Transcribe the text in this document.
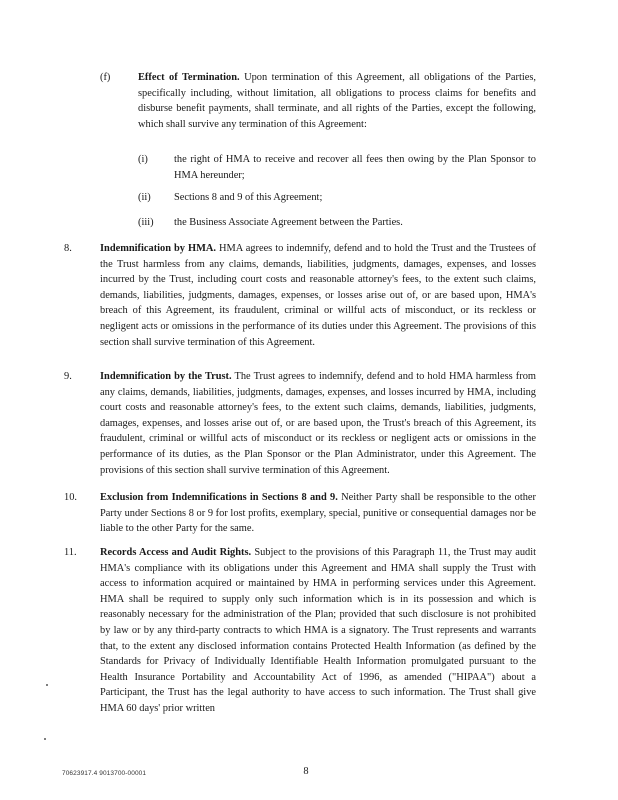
(f)	Effect of Termination. Upon termination of this Agreement, all obligations of the Parties, specifically including, without limitation, all obligations to process claims for benefits and disburse benefit payments, shall terminate, and all rights of the Parties, except the following, which shall survive any termination of this Agreement:
(i)	the right of HMA to receive and recover all fees then owing by the Plan Sponsor to HMA hereunder;
(ii) Sections 8 and 9 of this Agreement;
(iii) the Business Associate Agreement between the Parties.
8.	Indemnification by HMA. HMA agrees to indemnify, defend and to hold the Trust and the Trustees of the Trust harmless from any claims, demands, liabilities, judgments, damages, expenses, and losses incurred by the Trust, including court costs and reasonable attorney's fees, to the extent such claims, demands, liabilities, judgments, damages, expenses, or losses arise out of, or are based upon, HMA's breach of this Agreement, its fraudulent, criminal or willful acts of misconduct, or its reckless or negligent acts or omissions in the performance of its duties under this Agreement. The provisions of this section shall survive termination of this Agreement.
9.	Indemnification by the Trust. The Trust agrees to indemnify, defend and to hold HMA harmless from any claims, demands, liabilities, judgments, damages, expenses, and losses incurred by HMA, including court costs and reasonable attorney's fees, to the extent such claims, demands, liabilities, judgments, damages, expenses, and losses arise out of, or are based upon, the Trust's breach of this Agreement, its fraudulent, criminal or willful acts of misconduct or its reckless or negligent acts or omissions in the performance of its duties, as the Plan Sponsor or the Plan Administrator, under this Agreement. The provisions of this section shall survive termination of this Agreement.
10. Exclusion from Indemnifications in Sections 8 and 9. Neither Party shall be responsible to the other Party under Sections 8 or 9 for lost profits, exemplary, special, punitive or consequential damages nor be liable to the other Party for the same.
11. Records Access and Audit Rights. Subject to the provisions of this Paragraph 11, the Trust may audit HMA's compliance with its obligations under this Agreement and HMA shall supply the Trust with access to information acquired or maintained by HMA in performing services under this Agreement. HMA shall be required to supply only such information which is in its possession and which is reasonably necessary for the administration of the Plan; provided that such disclosure is not prohibited by law or by any third-party contracts to which HMA is a signatory. The Trust represents and warrants that, to the extent any disclosed information contains Protected Health Information (as defined by the Standards for Privacy of Individually Identifiable Health Information promulgated pursuant to the Health Insurance Portability and Accountability Act of 1996, as amended ("HIPAA") about a Participant, the Trust has the legal authority to have access to such information. The Trust shall give HMA 60 days' prior written
70623917.4 9013700-00001	8
